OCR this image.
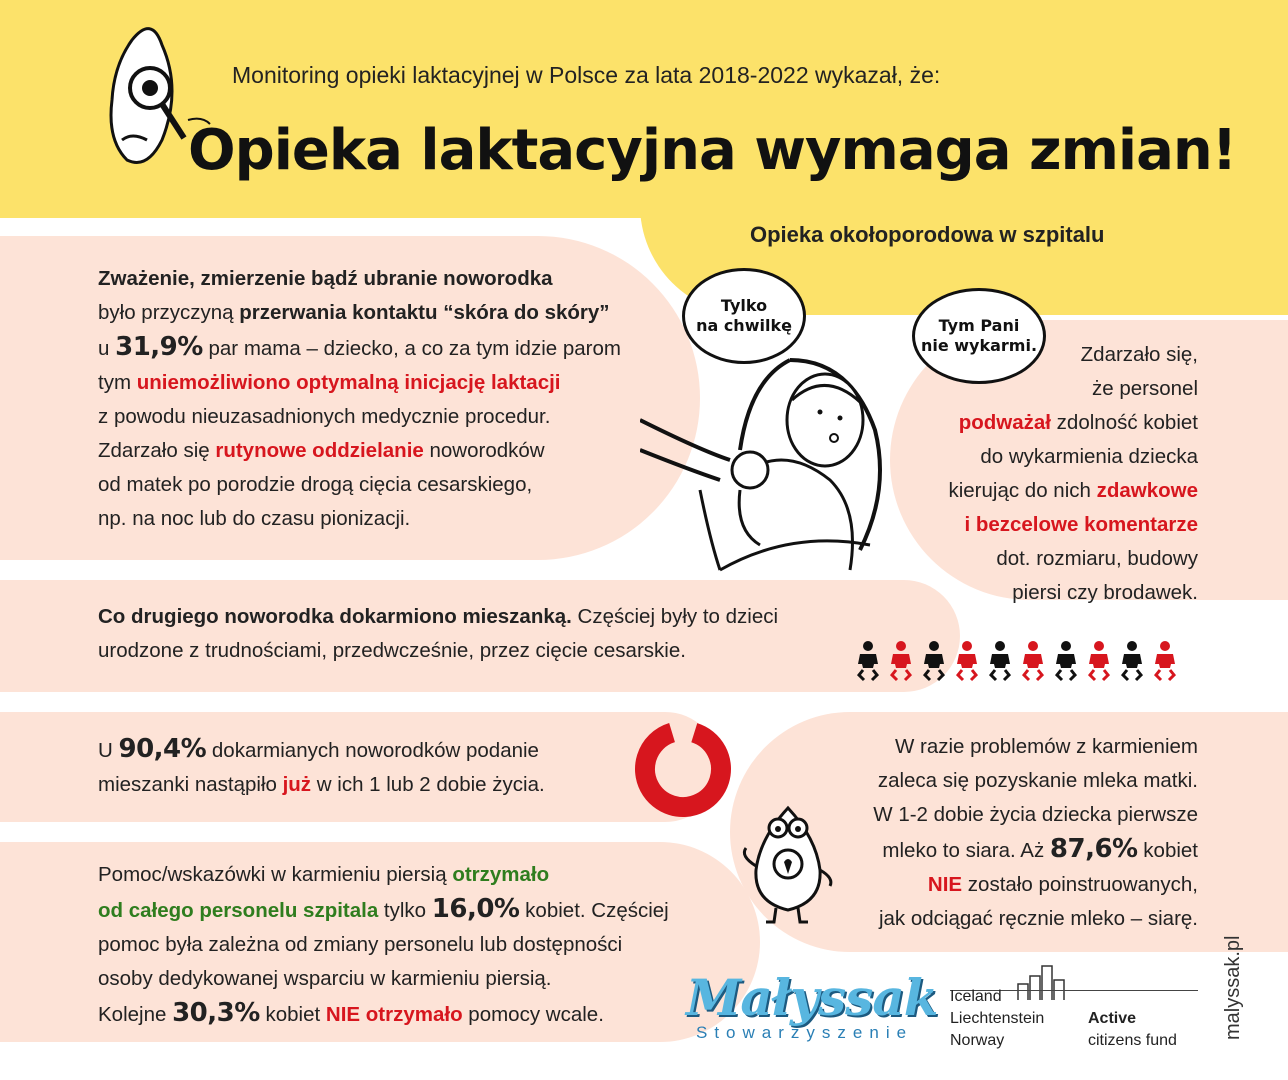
Monitoring opieki laktacyjnej w Polsce za lata 2018-2022 wykazał, że:
Opieka laktacyjna wymaga zmian!
Opieka okołoporodowa w szpitalu
Tylko
na chwilkę	Tym Pani
nie wykarmi.
Zważenie, zmierzenie bądź ubranie noworodka
było przyczyną przerwania kontaktu “skóra do skóry”
u 31,9% par mama – dziecko, a co za tym idzie parom
tym uniemożliwiono optymalną inicjację laktacji
z powodu nieuzasadnionych medycznie procedur.
Zdarzało się rutynowe oddzielanie noworodków
od matek po porodzie drogą cięcia cesarskiego,
np. na noc lub do czasu pionizacji.
Zdarzało się,
że personel
podważał zdolność kobiet
do wykarmienia dziecka
kierując do nich zdawkowe
i bezcelowe komentarze
dot. rozmiaru, budowy
piersi czy brodawek.
Co drugiego noworodka dokarmiono mieszanką. Częściej były to dzieci
urodzone z trudnościami, przedwcześnie, przez cięcie cesarskie.
U 90,4% dokarmianych noworodków podanie
mieszanki nastąpiło już w ich 1 lub 2 dobie życia.
W razie problemów z karmieniem
zaleca się pozyskanie mleka matki.
W 1-2 dobie życia dziecka pierwsze
mleko to siara. Aż 87,6% kobiet
NIE zostało poinstruowanych,
jak odciągać ręcznie mleko – siarę.
Pomoc/wskazówki w karmieniu piersią otrzymało
od całego personelu szpitala tylko 16,0% kobiet. Częściej
pomoc była zależna od zmiany personelu lub dostępności
osoby dedykowanej wsparciu w karmieniu piersią.
Kolejne 30,3% kobiet NIE otrzymało pomocy wcale.	Małyssak
Stowarzyszenie
Iceland
Liechtenstein
Norway
Active
citizens fund
malyssak.pl
